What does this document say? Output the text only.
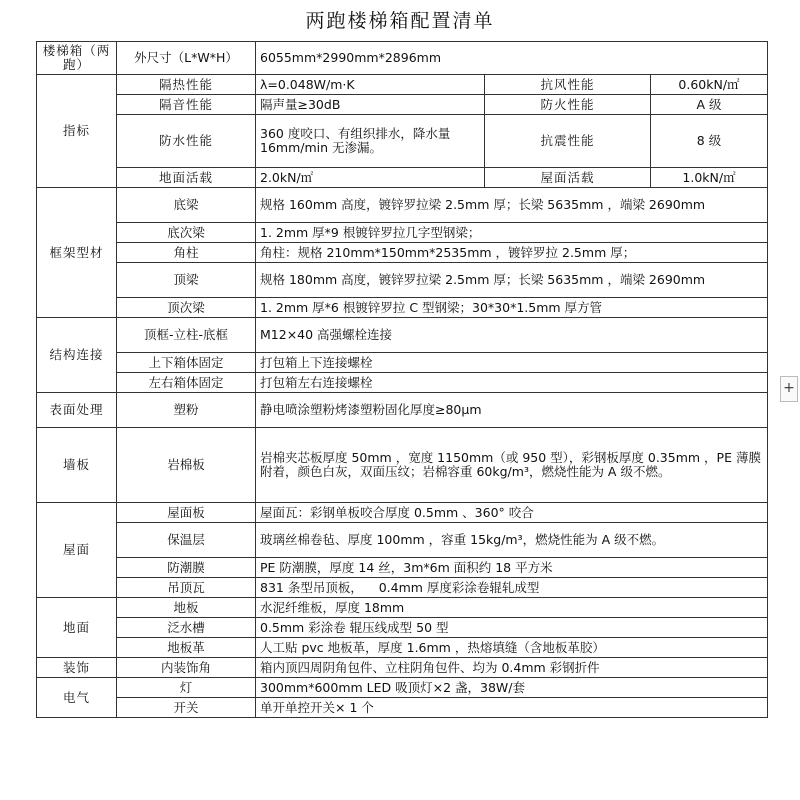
两跑楼梯箱配置清单
楼梯箱（两跑）	外尺寸（L*W*H）	6055mm*2990mm*2896mm		
指标	隔热性能	λ=0.048W/m·K	抗风性能	0.60kN/㎡
	隔音性能	隔声量≥30dB	防火性能	A 级
	防水性能	360 度咬口、有组织排水，降水量 16mm/min 无渗漏。	抗震性能	8 级

	地面活载	2.0kN/㎡	屋面活载	1.0kN/㎡
框架型材	底梁	规格 160mm 高度，镀锌罗拉梁 2.5mm 厚；长梁 5635mm ，端梁 2690mm		
	底次梁	1. 2mm 厚*9 根镀锌罗拉几字型钢梁；		
	角柱	角柱：规格 210mm*150mm*2535mm ，镀锌罗拉 2.5mm 厚；		
	顶梁	规格 180mm 高度，镀锌罗拉梁 2.5mm 厚；长梁 5635mm ，端梁 2690mm		
	顶次梁	1. 2mm 厚*6 根镀锌罗拉 C 型钢梁；30*30*1.5mm 厚方管		
结构连接	顶框-立柱-底框	M12×40 高强螺栓连接		
	上下箱体固定	打包箱上下连接螺栓		
	左右箱体固定	打包箱左右连接螺栓		
表面处理	塑粉	静电喷涂塑粉烤漆塑粉固化厚度≥80μm		
墙板	岩棉板	岩棉夹芯板厚度 50mm ，宽度 1150mm（或 950 型），彩钢板厚度 0.35mm ，PE 薄膜附着，颜色白灰，双面压纹；岩棉容重 60kg/m³，燃烧性能为 A 级不燃。		
屋面	屋面板	屋面瓦：彩钢单板咬合厚度 0.5mm 、360° 咬合		
	保温层	玻璃丝棉卷毡、厚度 100mm ，容重 15kg/m³，燃烧性能为 A 级不燃。		
	防潮膜	PE 防潮膜，厚度 14 丝，3m*6m 面积约 18 平方米		
	吊顶瓦	831 条型吊顶板，    0.4mm 厚度彩涂卷辊轧成型		
地面	地板	水泥纤维板，厚度 18mm		
	泛水槽	0.5mm 彩涂卷 辊压线成型 50 型		
	地板革	人工贴 pvc 地板革，厚度 1.6mm ，热熔填缝（含地板革胶）		
装饰	内装饰角	箱内顶四周阴角包件、立柱阴角包件、均为 0.4mm 彩钢折件		
电气	灯	300mm*600mm LED 吸顶灯×2 盏，38W/套		
	开关	单开单控开关× 1 个		
+
